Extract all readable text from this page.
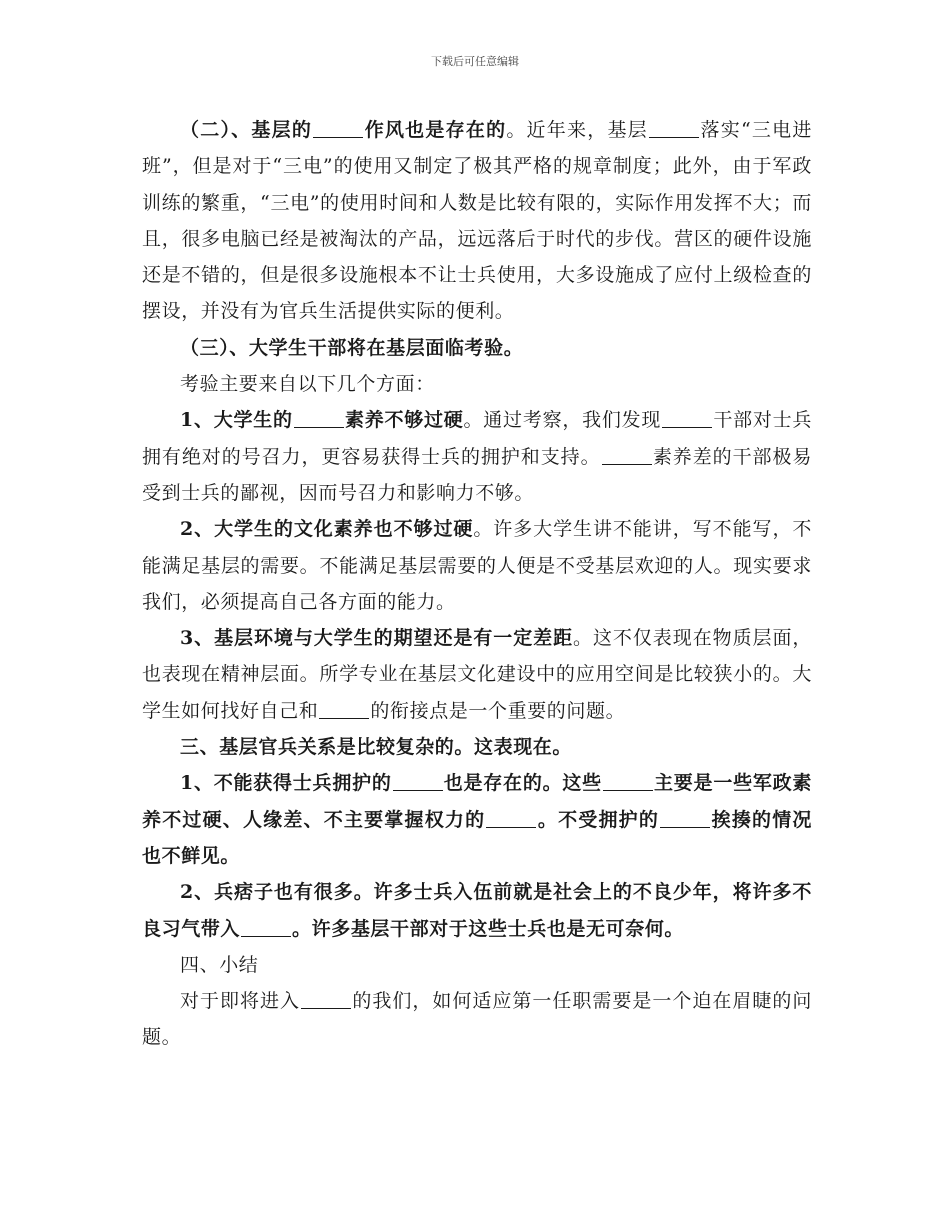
下载后可任意编辑

（二）、基层的	作风也是存在的。近年来，基层	落实“三电进班”，但是对于“三电”的使用又制定了极其严格的规章制度；此外，由于军政训练的繁重，“三电”的使用时间和人数是比较有限的，实际作用发挥不大；而且，很多电脑已经是被淘汰的产品，远远落后于时代的步伐。营区的硬件设施还是不错的，但是很多设施根本不让士兵使用，大多设施成了应付上级检查的摆设，并没有为官兵生活提供实际的便利。

（三）、大学生干部将在基层面临考验。

考验主要来自以下几个方面：

1、大学生的	素养不够过硬。通过考察，我们发现	干部对士兵拥有绝对的号召力，更容易获得士兵的拥护和支持。	素养差的干部极易受到士兵的鄙视，因而号召力和影响力不够。

2、大学生的文化素养也不够过硬。许多大学生讲不能讲，写不能写，不能满足基层的需要。不能满足基层需要的人便是不受基层欢迎的人。现实要求我们，必须提高自己各方面的能力。

3、基层环境与大学生的期望还是有一定差距。这不仅表现在物质层面，也表现在精神层面。所学专业在基层文化建设中的应用空间是比较狭小的。大学生如何找好自己和	的衔接点是一个重要的问题。

三、基层官兵关系是比较复杂的。这表现在。

1、不能获得士兵拥护的	也是存在的。这些	主要是一些军政素养不过硬、人缘差、不主要掌握权力的	。不受拥护的	挨揍的情况也不鲜见。

2、兵痞子也有很多。许多士兵入伍前就是社会上的不良少年，将许多不良习气带入	。许多基层干部对于这些士兵也是无可奈何。

四、小结

对于即将进入	的我们，如何适应第一任职需要是一个迫在眉睫的问题。
